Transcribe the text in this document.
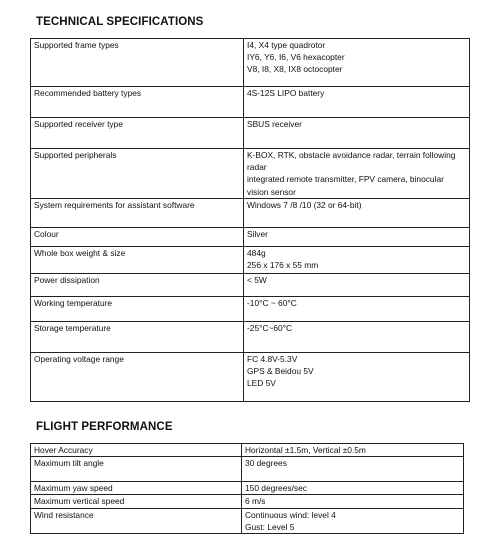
TECHNICAL SPECIFICATIONS
Supported frame types	I4, X4 type quadrotor
IY6, Y6, I6, V6 hexacopter
V8, I8, X8, IX8 octocopter

Recommended battery types	4S-12S LIPO battery

Supported receiver type	SBUS receiver

Supported peripherals	K-BOX, RTK, obstacle avoidance radar, terrain following radar
integrated remote transmitter, FPV camera, binocular vision sensor

System requirements for assistant software	Windows 7 /8 /10 (32 or 64-bit)

Colour	Silver

Whole box weight & size	484g
256 x 176 x 55 mm

Power dissipation	< 5W

Working temperature	-10°C ~ 60°C

Storage temperature	-25°C~60°C

Operating voltage range	FC 4.8V-5.3V
GPS & Beidou 5V
LED 5V
FLIGHT PERFORMANCE
Hover Accuracy	Horizontal ±1.5m, Vertical ±0.5m

Maximum tilt angle	30 degrees

Maximum yaw speed	150 degrees/sec

Maximum vertical speed	6 m/s

Wind resistance	Continuous wind: level 4
Gust: Level 5
